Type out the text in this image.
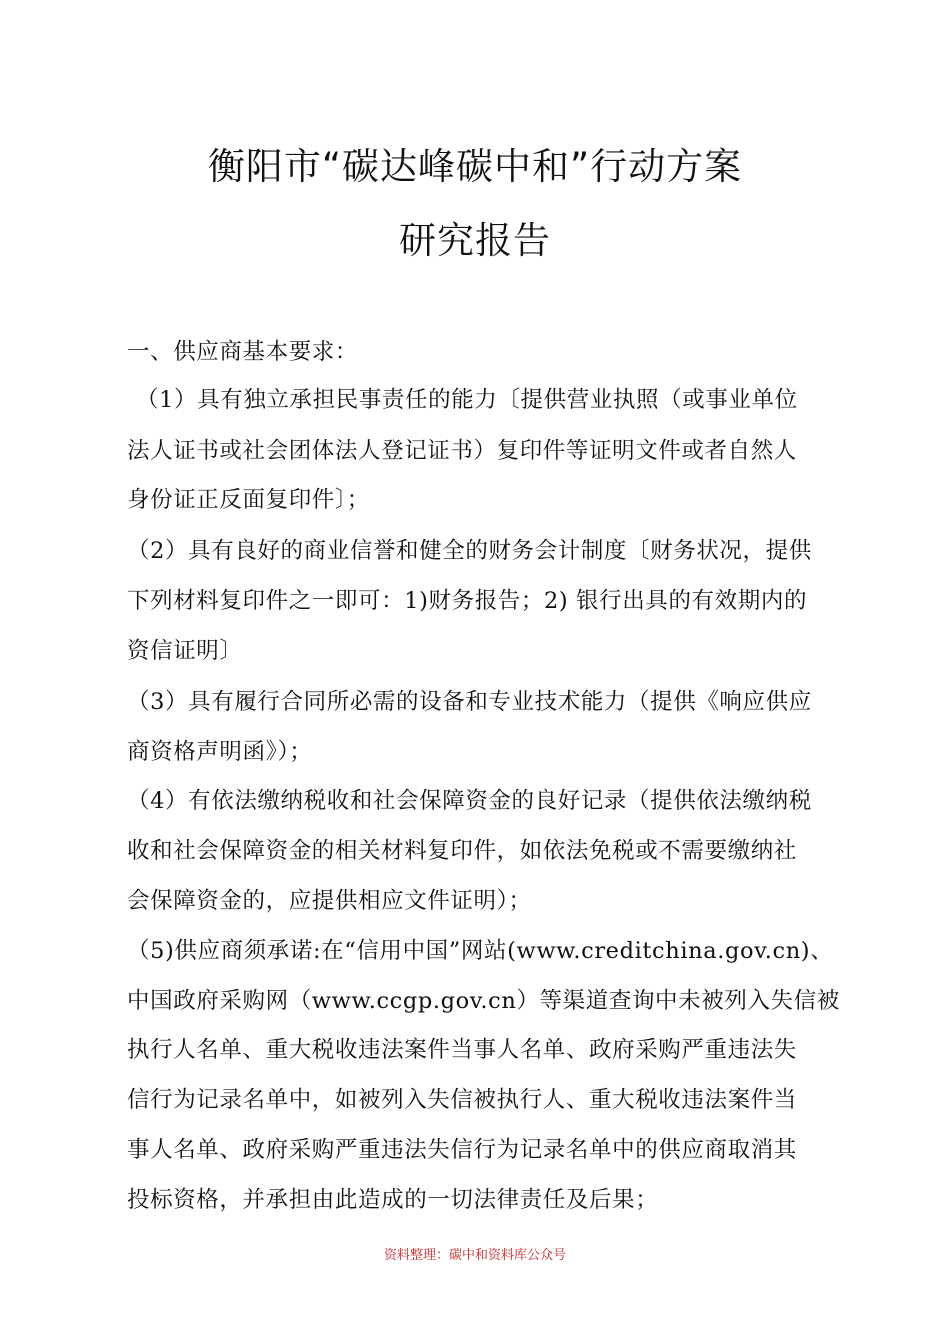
衡阳市“碳达峰碳中和”行动方案
研究报告
一、供应商基本要求：
（1）具有独立承担民事责任的能力〔提供营业执照（或事业单位
法人证书或社会团体法人登记证书）复印件等证明文件或者自然人
身份证正反面复印件〕；
（2）具有良好的商业信誉和健全的财务会计制度〔财务状况，提供
下列材料复印件之一即可：1)财务报告；2) 银行出具的有效期内的
资信证明〕
（3）具有履行合同所必需的设备和专业技术能力（提供《响应供应
商资格声明函》）；
（4）有依法缴纳税收和社会保障资金的良好记录（提供依法缴纳税
收和社会保障资金的相关材料复印件，如依法免税或不需要缴纳社
会保障资金的，应提供相应文件证明）；
（5)供应商须承诺:在“信用中国”网站(www.creditchina.gov.cn)、
中国政府采购网（www.ccgp.gov.cn）等渠道查询中未被列入失信被
执行人名单、重大税收违法案件当事人名单、政府采购严重违法失
信行为记录名单中，如被列入失信被执行人、重大税收违法案件当
事人名单、政府采购严重违法失信行为记录名单中的供应商取消其
投标资格，并承担由此造成的一切法律责任及后果；
资料整理：碳中和资料库公众号
